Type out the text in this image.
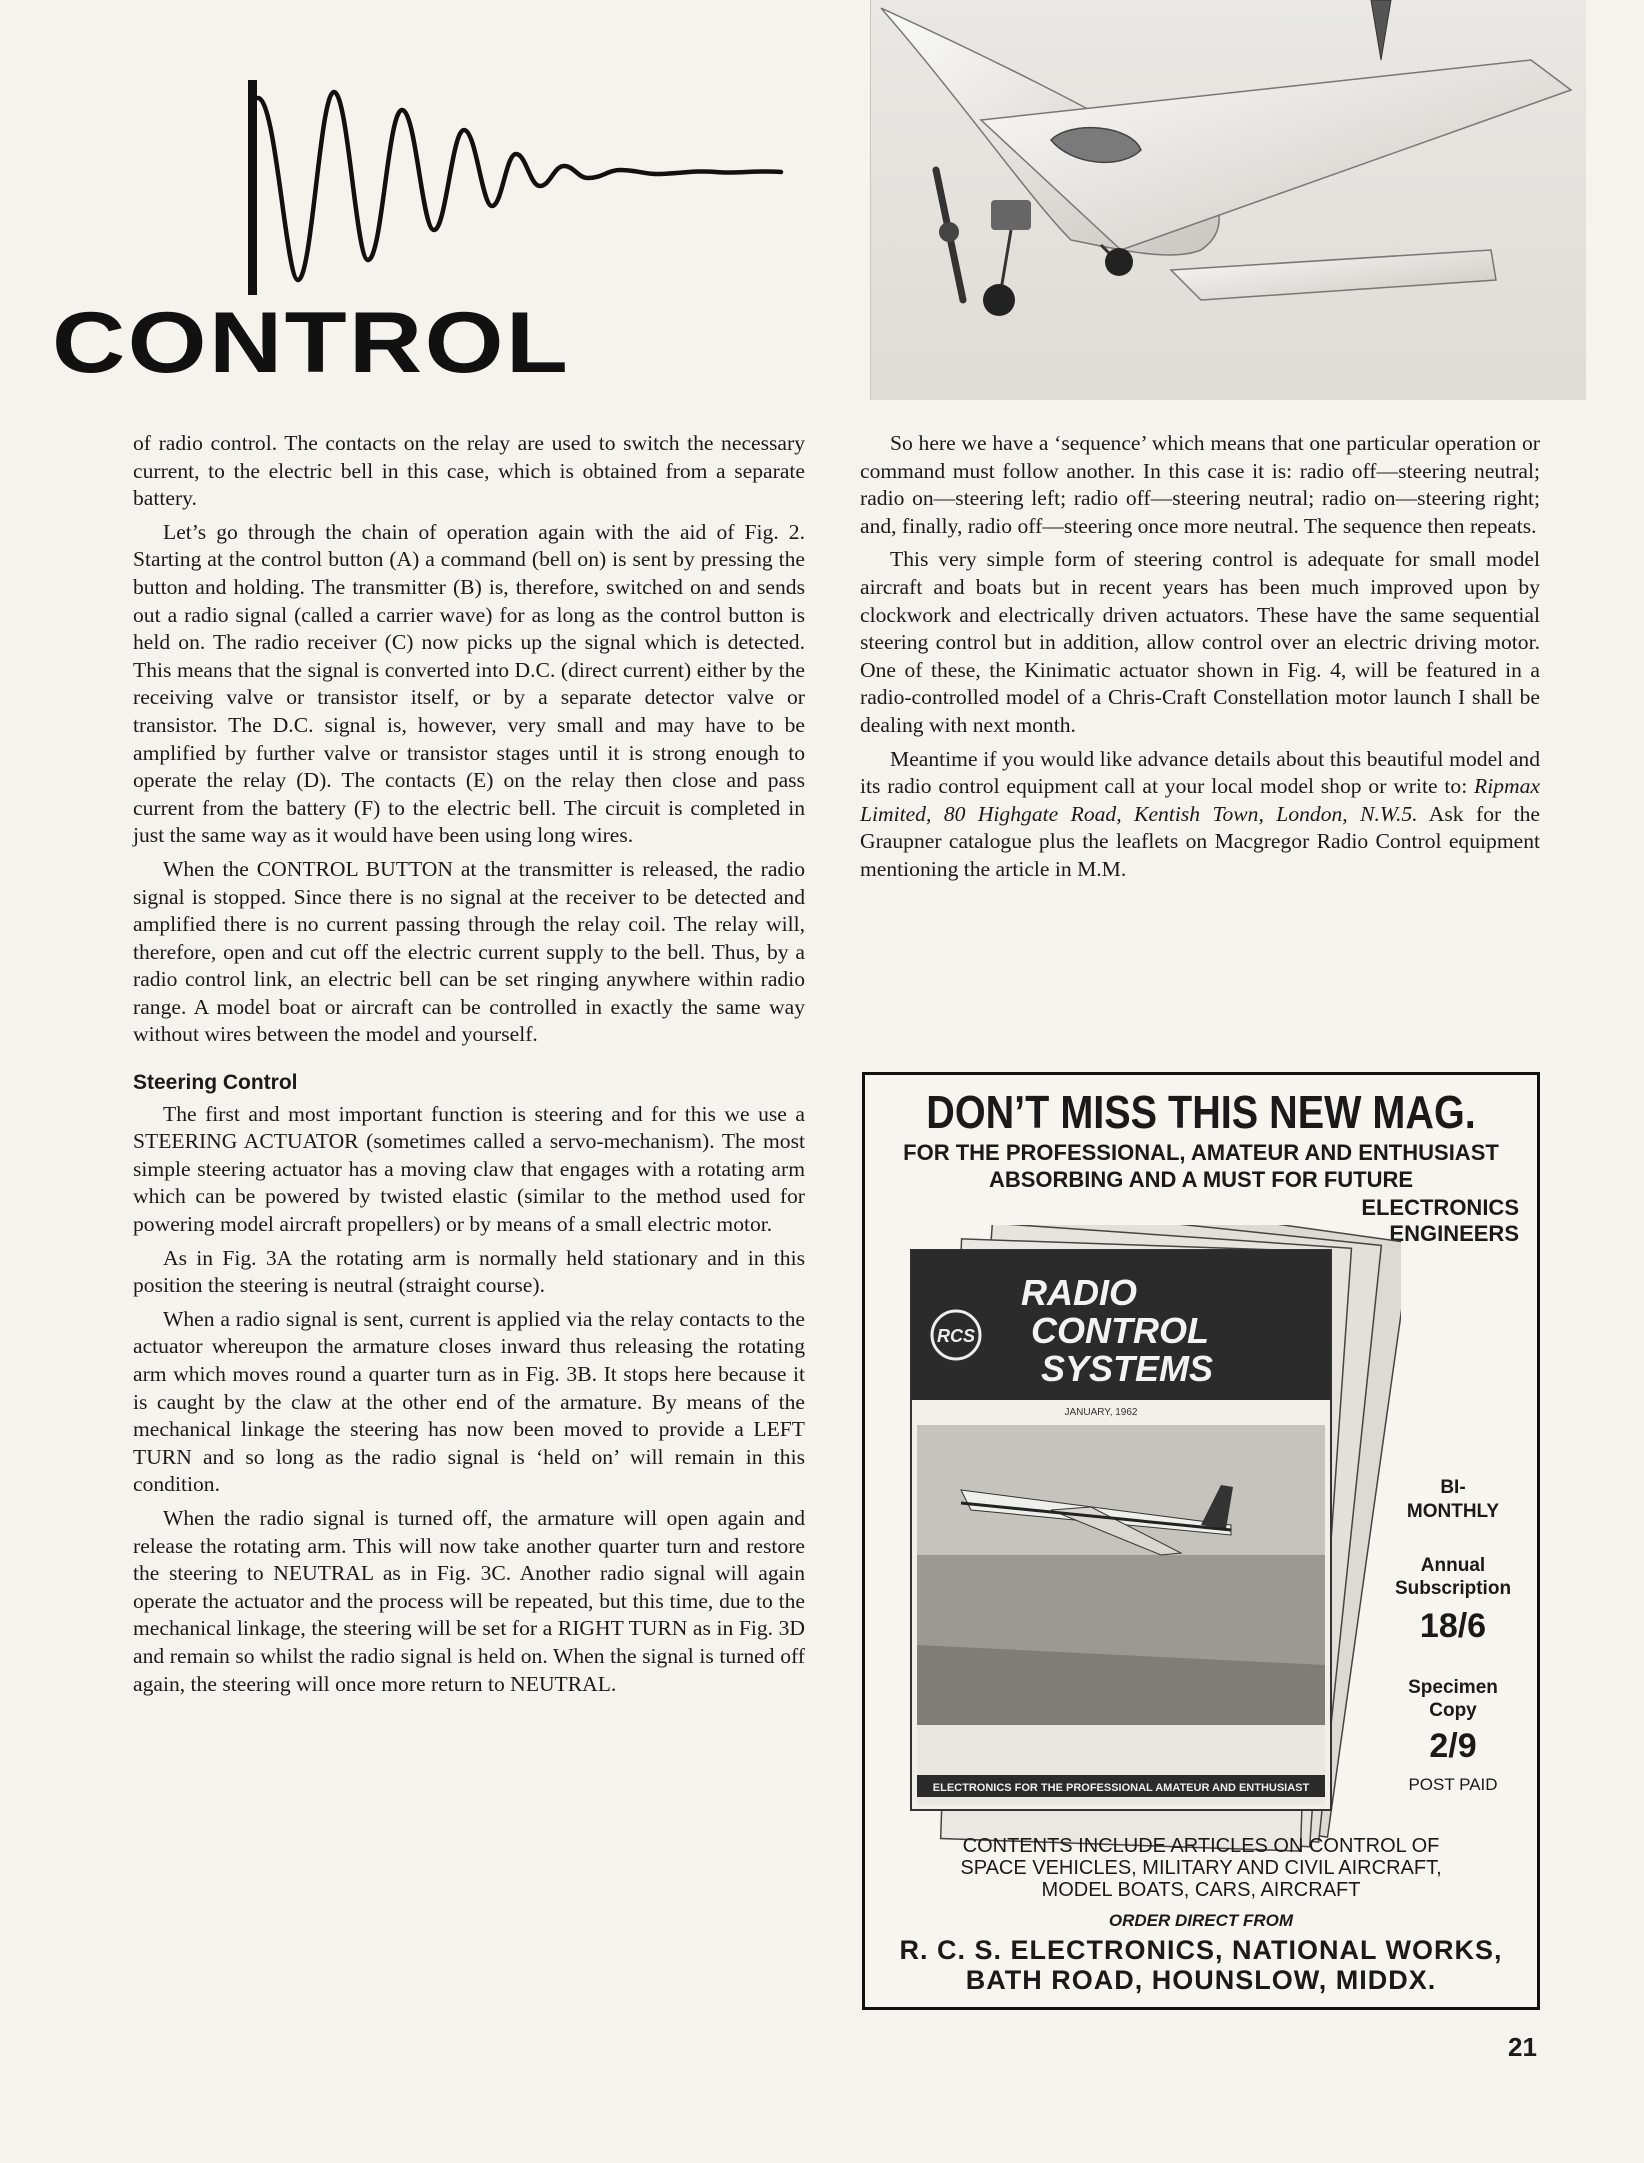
CONTROL

of radio control. The contacts on the relay are used to switch the necessary current, to the electric bell in this case, which is obtained from a separate battery.

Let’s go through the chain of operation again with the aid of Fig. 2. Starting at the control button (A) a command (bell on) is sent by pressing the button and holding. The transmitter (B) is, therefore, switched on and sends out a radio signal (called a carrier wave) for as long as the control button is held on. The radio receiver (C) now picks up the signal which is detected. This means that the signal is converted into D.C. (direct current) either by the receiving valve or transistor itself, or by a separate detector valve or transistor. The D.C. signal is, however, very small and may have to be amplified by further valve or transistor stages until it is strong enough to operate the relay (D). The contacts (E) on the relay then close and pass current from the battery (F) to the electric bell. The circuit is completed in just the same way as it would have been using long wires.

When the CONTROL BUTTON at the transmitter is released, the radio signal is stopped. Since there is no signal at the receiver to be detected and amplified there is no current passing through the relay coil. The relay will, therefore, open and cut off the electric current supply to the bell. Thus, by a radio control link, an electric bell can be set ringing anywhere within radio range. A model boat or aircraft can be controlled in exactly the same way without wires between the model and yourself.

Steering Control

The first and most important function is steering and for this we use a STEERING ACTUATOR (sometimes called a servo-mechanism). The most simple steering actuator has a moving claw that engages with a rotating arm which can be powered by twisted elastic (similar to the method used for powering model aircraft propellers) or by means of a small electric motor.

As in Fig. 3A the rotating arm is normally held stationary and in this position the steering is neutral (straight course).

When a radio signal is sent, current is applied via the relay contacts to the actuator whereupon the armature closes inward thus releasing the rotating arm which moves round a quarter turn as in Fig. 3B. It stops here because it is caught by the claw at the other end of the armature. By means of the mechanical linkage the steering has now been moved to provide a LEFT TURN and so long as the radio signal is ‘held on’ will remain in this condition.

When the radio signal is turned off, the armature will open again and release the rotating arm. This will now take another quarter turn and restore the steering to NEUTRAL as in Fig. 3C. Another radio signal will again operate the actuator and the process will be repeated, but this time, due to the mechanical linkage, the steering will be set for a RIGHT TURN as in Fig. 3D and remain so whilst the radio signal is held on. When the signal is turned off again, the steering will once more return to NEUTRAL.

So here we have a ‘sequence’ which means that one particular operation or command must follow another. In this case it is: radio off—steering neutral; radio on—steering left; radio off—steering neutral; radio on—steering right; and, finally, radio off—steering once more neutral. The sequence then repeats.

This very simple form of steering control is adequate for small model aircraft and boats but in recent years has been much improved upon by clockwork and electrically driven actuators. These have the same sequential steering control but in addition, allow control over an electric driving motor. One of these, the Kinimatic actuator shown in Fig. 4, will be featured in a radio-controlled model of a Chris-Craft Constellation motor launch I shall be dealing with next month.

Meantime if you would like advance details about this beautiful model and its radio control equipment call at your local model shop or write to: Ripmax Limited, 80 Highgate Road, Kentish Town, London, N.W.5. Ask for the Graupner catalogue plus the leaflets on Macgregor Radio Control equipment mentioning the article in M.M.

DON’T MISS THIS NEW MAG.
FOR THE PROFESSIONAL, AMATEUR AND ENTHUSIAST
ABSORBING AND A MUST FOR FUTURE
ELECTRONICS
ENGINEERS
RCS
RADIO
CONTROL
SYSTEMS
JANUARY, 1962
ELECTRONICS FOR THE PROFESSIONAL AMATEUR AND ENTHUSIAST
BI-
MONTHLY
Annual
Subscription
18/6
Specimen
Copy
2/9
POST PAID
CONTENTS INCLUDE ARTICLES ON CONTROL OF
SPACE VEHICLES, MILITARY AND CIVIL AIRCRAFT,
MODEL BOATS, CARS, AIRCRAFT
ORDER DIRECT FROM
R. C. S. ELECTRONICS, NATIONAL WORKS,
BATH ROAD, HOUNSLOW, MIDDX.
21
